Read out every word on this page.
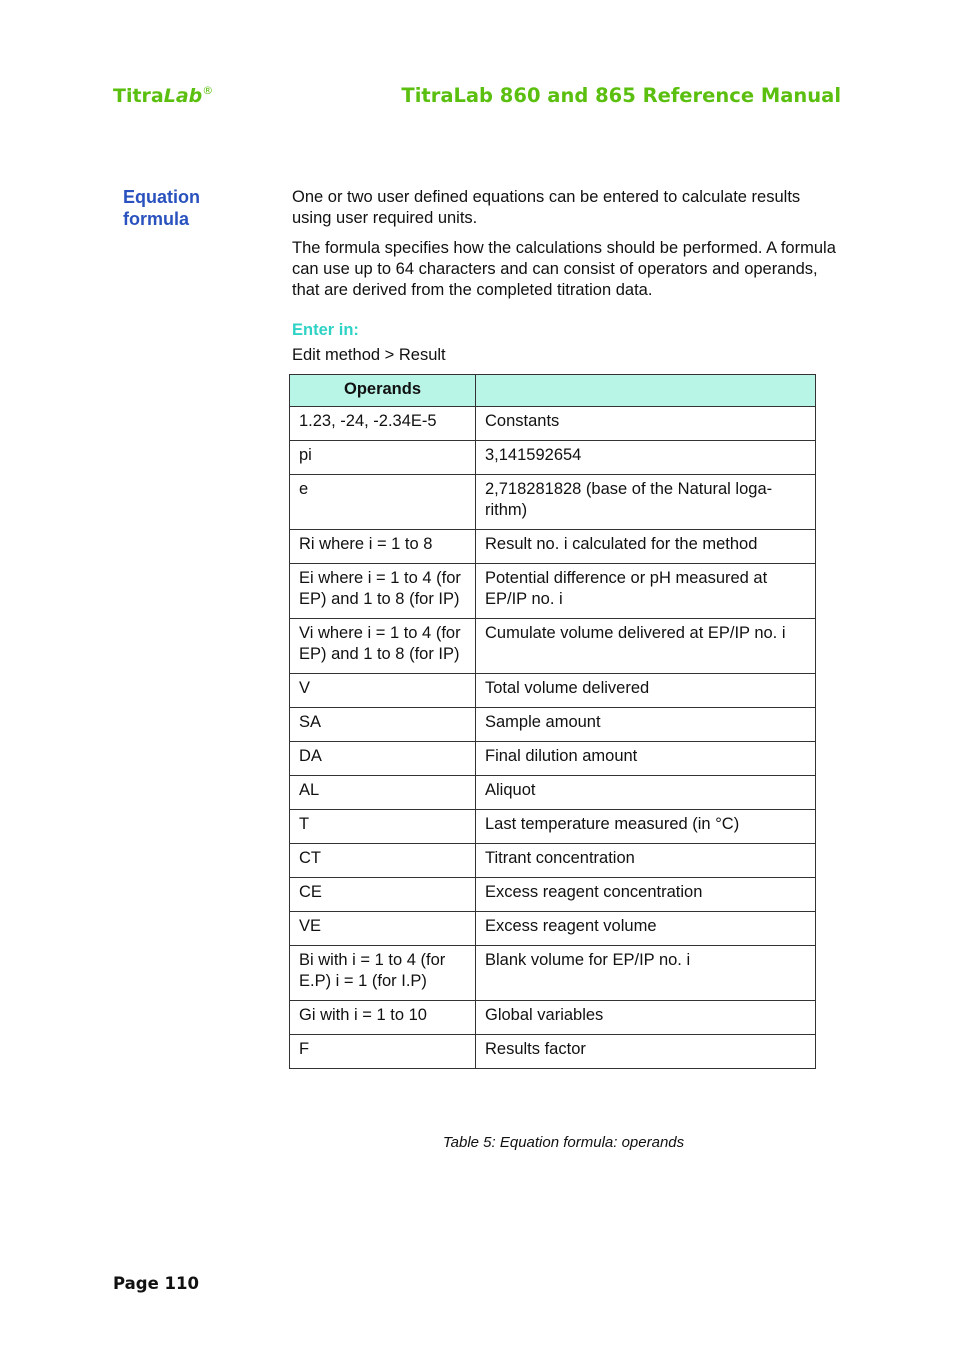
TitraLab®	TitraLab 860 and 865 Reference Manual
Equation formula

One or two user defined equations can be entered to calculate results using user required units.

The formula specifies how the calculations should be performed. A formula can use up to 64 characters and can consist of operators and operands, that are derived from the completed titration data.

Enter in:
Edit method > Result
Operands	
1.23, -24, -2.34E-5	Constants
pi	3,141592654
e	2,718281828 (base of the Natural loga-rithm)
Ri where i = 1 to 8	Result no. i calculated for the method
Ei where i = 1 to 4 (for EP) and 1 to 8 (for IP)	Potential difference or pH measured at EP/IP no. i
Vi where i = 1 to 4 (for EP) and 1 to 8 (for IP)	Cumulate volume delivered at EP/IP no. i
V	Total volume delivered
SA	Sample amount
DA	Final dilution amount
AL	Aliquot
T	Last temperature measured (in °C)
CT	Titrant concentration
CE	Excess reagent concentration
VE	Excess reagent volume
Bi with i = 1 to 4 (for E.P) i = 1 (for I.P)	Blank volume for EP/IP no. i
Gi with i = 1 to 10	Global variables
F	Results factor
Table 5: Equation formula: operands
Page 110
